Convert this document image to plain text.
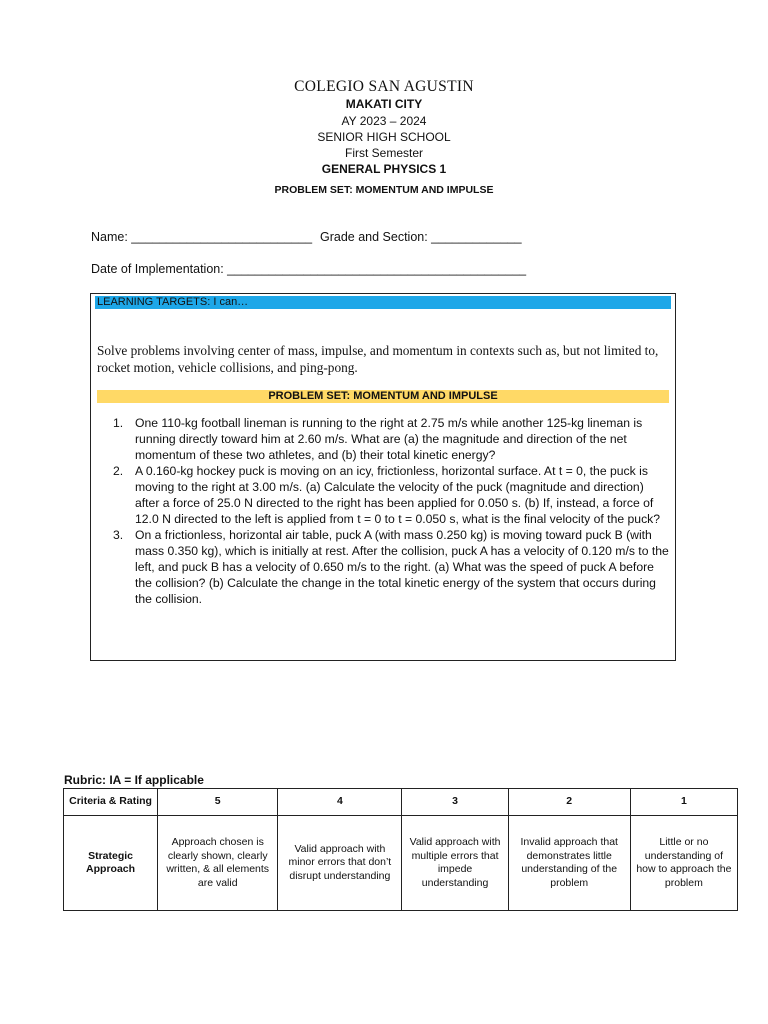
COLEGIO SAN AGUSTIN
MAKATI CITY
AY 2023 – 2024
SENIOR HIGH SCHOOL
First Semester
GENERAL PHYSICS 1
PROBLEM SET: MOMENTUM AND IMPULSE
Name: __________________________ Grade and Section: _____________
Date of Implementation: ___________________________________________
LEARNING TARGETS: I can…
Solve problems involving center of mass, impulse, and momentum in contexts such as, but not limited to, rocket motion, vehicle collisions, and ping-pong.
PROBLEM SET: MOMENTUM AND IMPULSE
1. One 110-kg football lineman is running to the right at 2.75 m/s while another 125-kg lineman is running directly toward him at 2.60 m/s. What are (a) the magnitude and direction of the net momentum of these two athletes, and (b) their total kinetic energy?
2. A 0.160-kg hockey puck is moving on an icy, frictionless, horizontal surface. At t = 0, the puck is moving to the right at 3.00 m/s. (a) Calculate the velocity of the puck (magnitude and direction) after a force of 25.0 N directed to the right has been applied for 0.050 s. (b) If, instead, a force of 12.0 N directed to the left is applied from t = 0 to t = 0.050 s, what is the final velocity of the puck?
3. On a frictionless, horizontal air table, puck A (with mass 0.250 kg) is moving toward puck B (with mass 0.350 kg), which is initially at rest. After the collision, puck A has a velocity of 0.120 m/s to the left, and puck B has a velocity of 0.650 m/s to the right. (a) What was the speed of puck A before the collision? (b) Calculate the change in the total kinetic energy of the system that occurs during the collision.
Rubric: IA = If applicable
Criteria & Rating	5	4	3	2	1
Strategic Approach	Approach chosen is clearly shown, clearly written, & all elements are valid	Valid approach with minor errors that don’t disrupt understanding	Valid approach with multiple errors that impede understanding	Invalid approach that demonstrates little understanding of the problem	Little or no understanding of how to approach the problem
